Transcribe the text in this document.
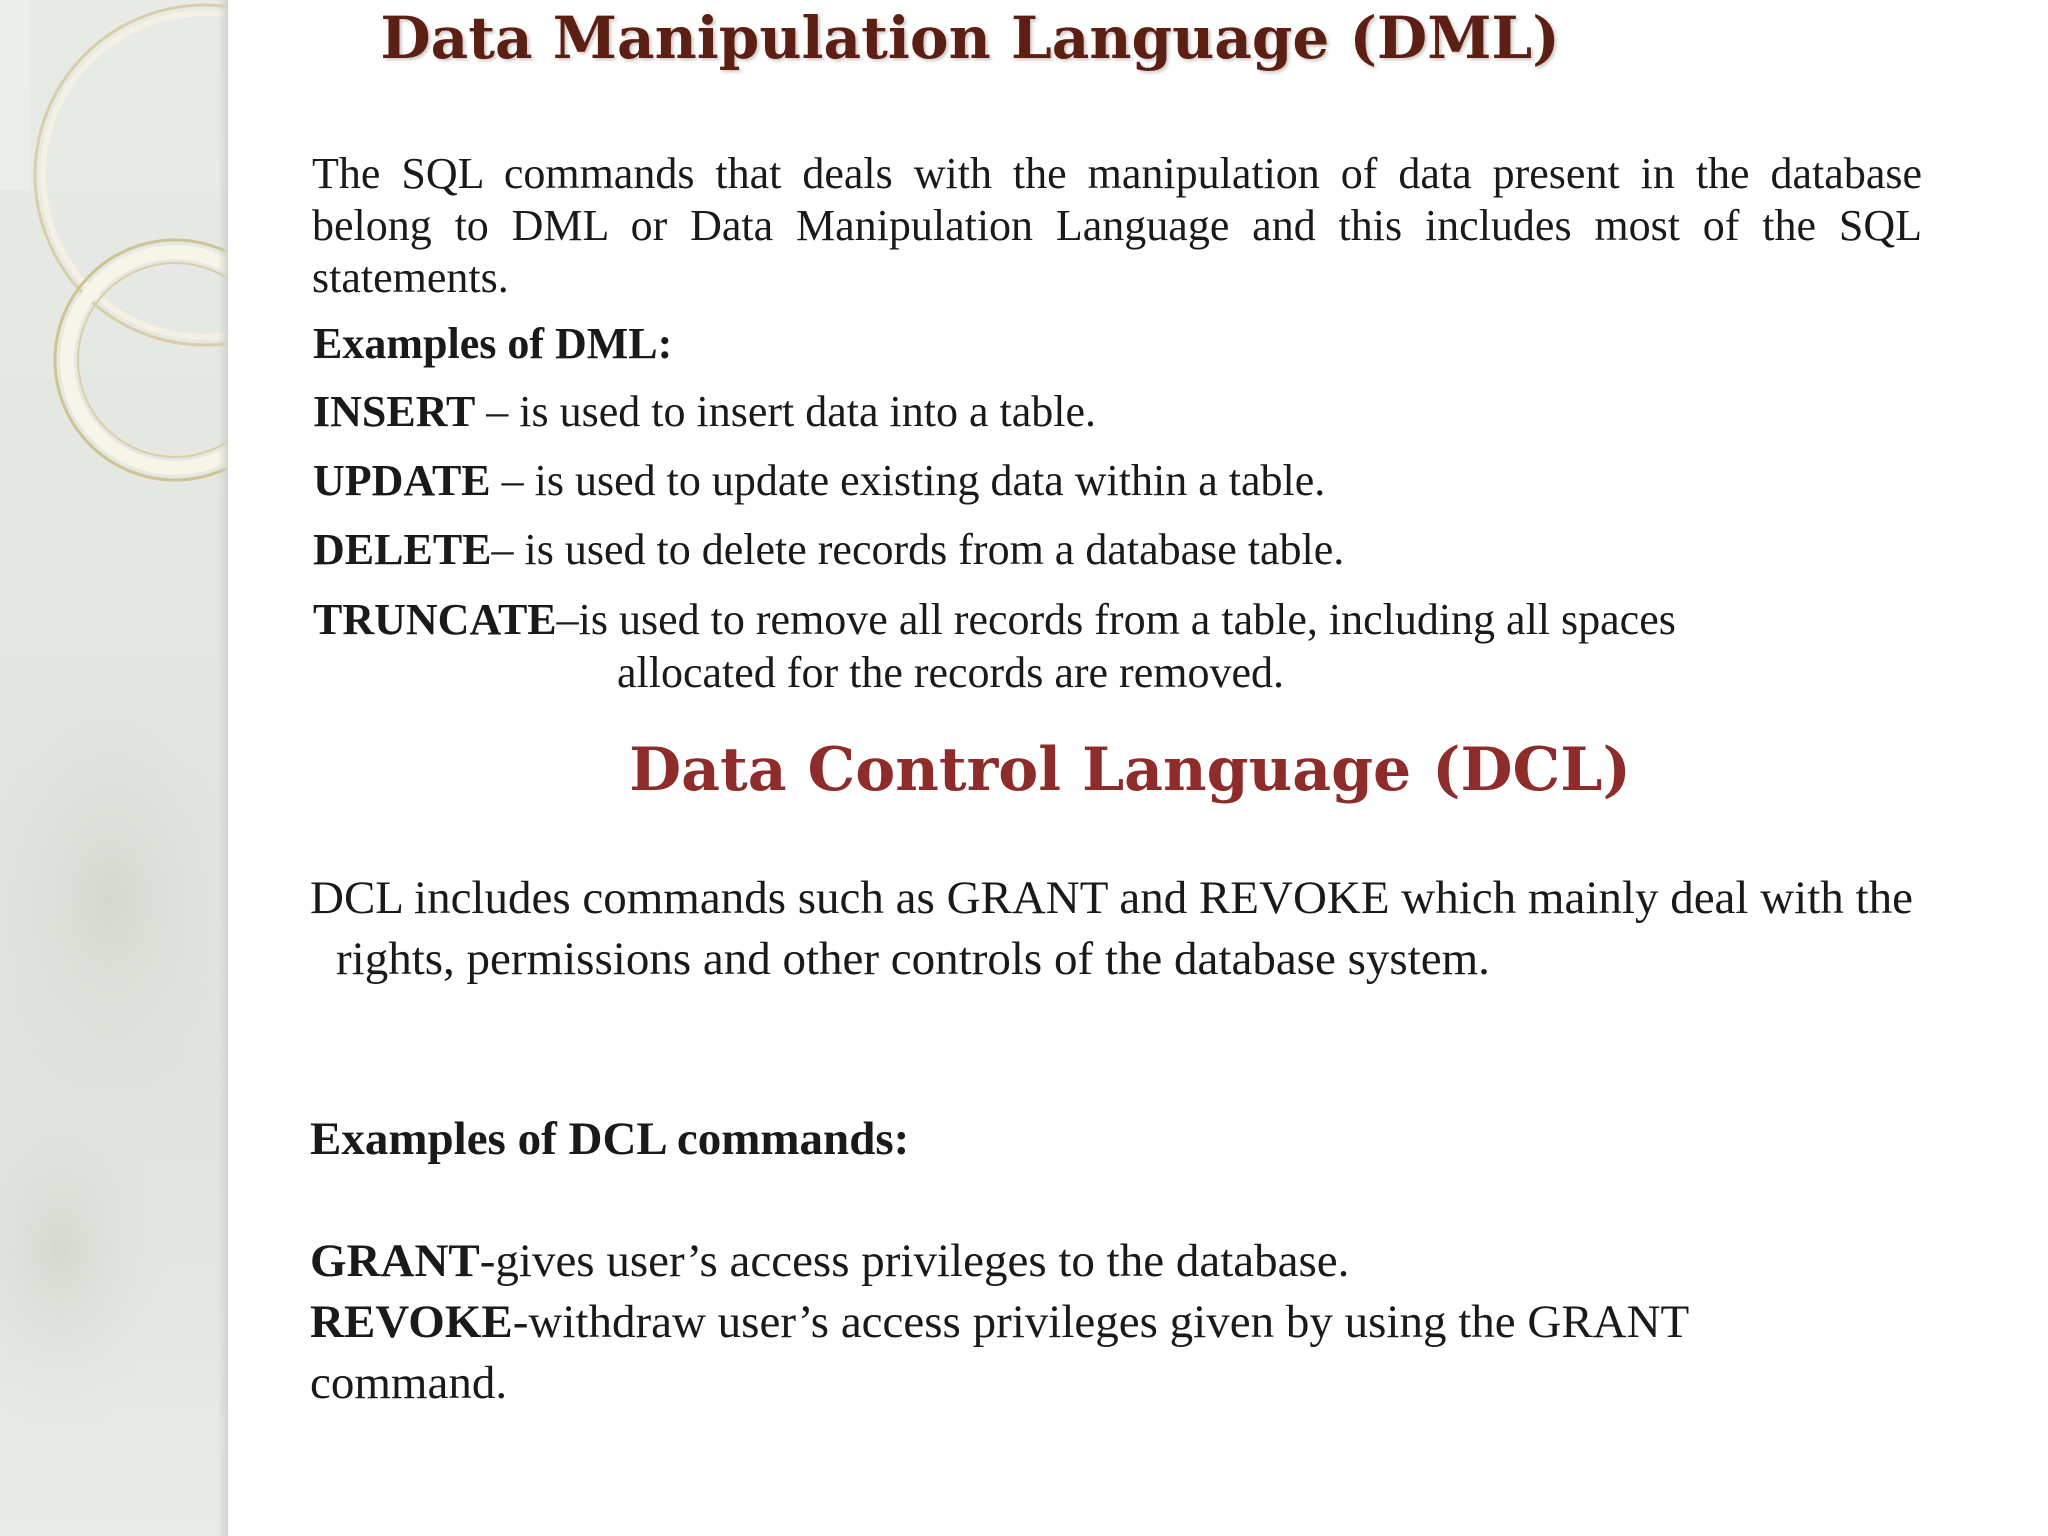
Data Manipulation Language (DML)

The SQL commands that deals with the manipulation of data present in the database belong to DML or Data Manipulation Language and this includes most of the SQL statements.

Examples of DML:

INSERT – is used to insert data into a table.

UPDATE – is used to update existing data within a table.

DELETE– is used to delete records from a database table.

TRUNCATE–is used to remove all records from a table, including all spaces

allocated for the records are removed.

Data Control Language (DCL)

DCL includes commands such as GRANT and REVOKE which mainly deal with the rights, permissions and other controls of the database system.

Examples of DCL commands:

GRANT-gives user’s access privileges to the database.

REVOKE-withdraw user’s access privileges given by using the GRANT

command.
